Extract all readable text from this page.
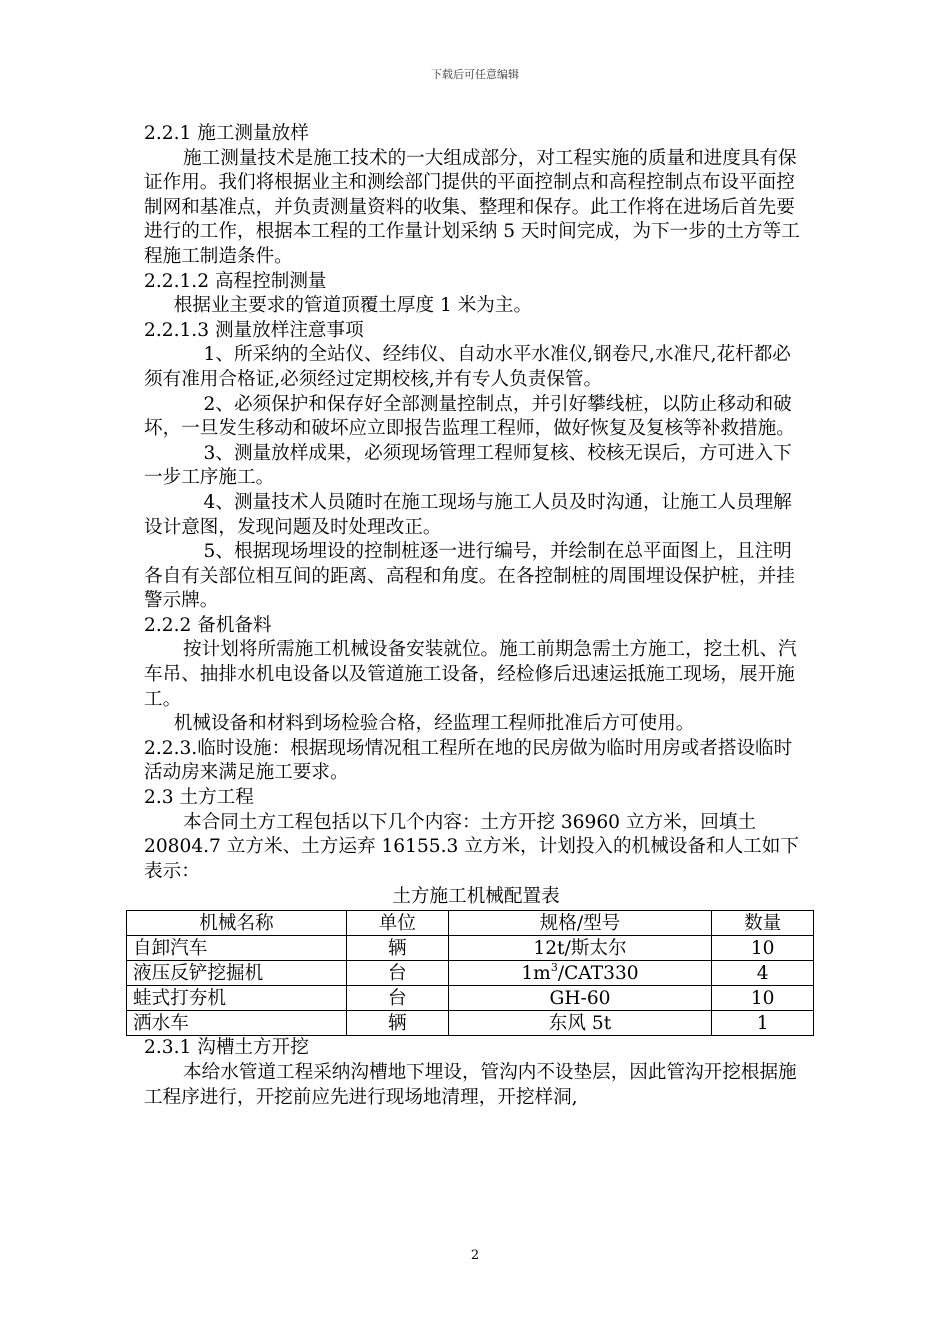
下载后可任意编辑

2.2.1 施工测量放样

施工测量技术是施工技术的一大组成部分，对工程实施的质量和进度具有保证作用。我们将根据业主和测绘部门提供的平面控制点和高程控制点布设平面控制网和基准点，并负责测量资料的收集、整理和保存。此工作将在进场后首先要进行的工作，根据本工程的工作量计划采纳 5 天时间完成，为下一步的土方等工程施工制造条件。

2.2.1.2 高程控制测量

根据业主要求的管道顶覆土厚度 1 米为主。

2.2.1.3 测量放样注意事项

1、所采纳的全站仪、经纬仪、自动水平水准仪,钢卷尺,水准尺,花杆都必须有准用合格证,必须经过定期校核,并有专人负责保管。

2、必须保护和保存好全部测量控制点，并引好攀线桩，以防止移动和破坏，一旦发生移动和破坏应立即报告监理工程师，做好恢复及复核等补救措施。

3、测量放样成果，必须现场管理工程师复核、校核无误后，方可进入下一步工序施工。

4、测量技术人员随时在施工现场与施工人员及时沟通，让施工人员理解设计意图，发现问题及时处理改正。

5、根据现场埋设的控制桩逐一进行编号，并绘制在总平面图上，且注明各自有关部位相互间的距离、高程和角度。在各控制桩的周围埋设保护桩，并挂警示牌。

2.2.2 备机备料

按计划将所需施工机械设备安装就位。施工前期急需土方施工，挖土机、汽车吊、抽排水机电设备以及管道施工设备，经检修后迅速运抵施工现场，展开施工。

机械设备和材料到场检验合格，经监理工程师批准后方可使用。

2.2.3.临时设施：根据现场情况租工程所在地的民房做为临时用房或者搭设临时活动房来满足施工要求。

2.3 土方工程

本合同土方工程包括以下几个内容：土方开挖 36960 立方米，回填土 20804.7 立方米、土方运弃 16155.3 立方米，计划投入的机械设备和人工如下表示：

土方施工机械配置表

机械名称	单位	规格/型号	数量
自卸汽车	辆	12t/斯太尔	10
液压反铲挖掘机	台	$1m^3/CAT330$	4
蛙式打夯机	台	GH-60	10
洒水车	辆	东风 5t	1

2.3.1 沟槽土方开挖

本给水管道工程采纳沟槽地下埋设，管沟内不设垫层，因此管沟开挖根据施工程序进行，开挖前应先进行现场地清理，开挖样洞,

2
